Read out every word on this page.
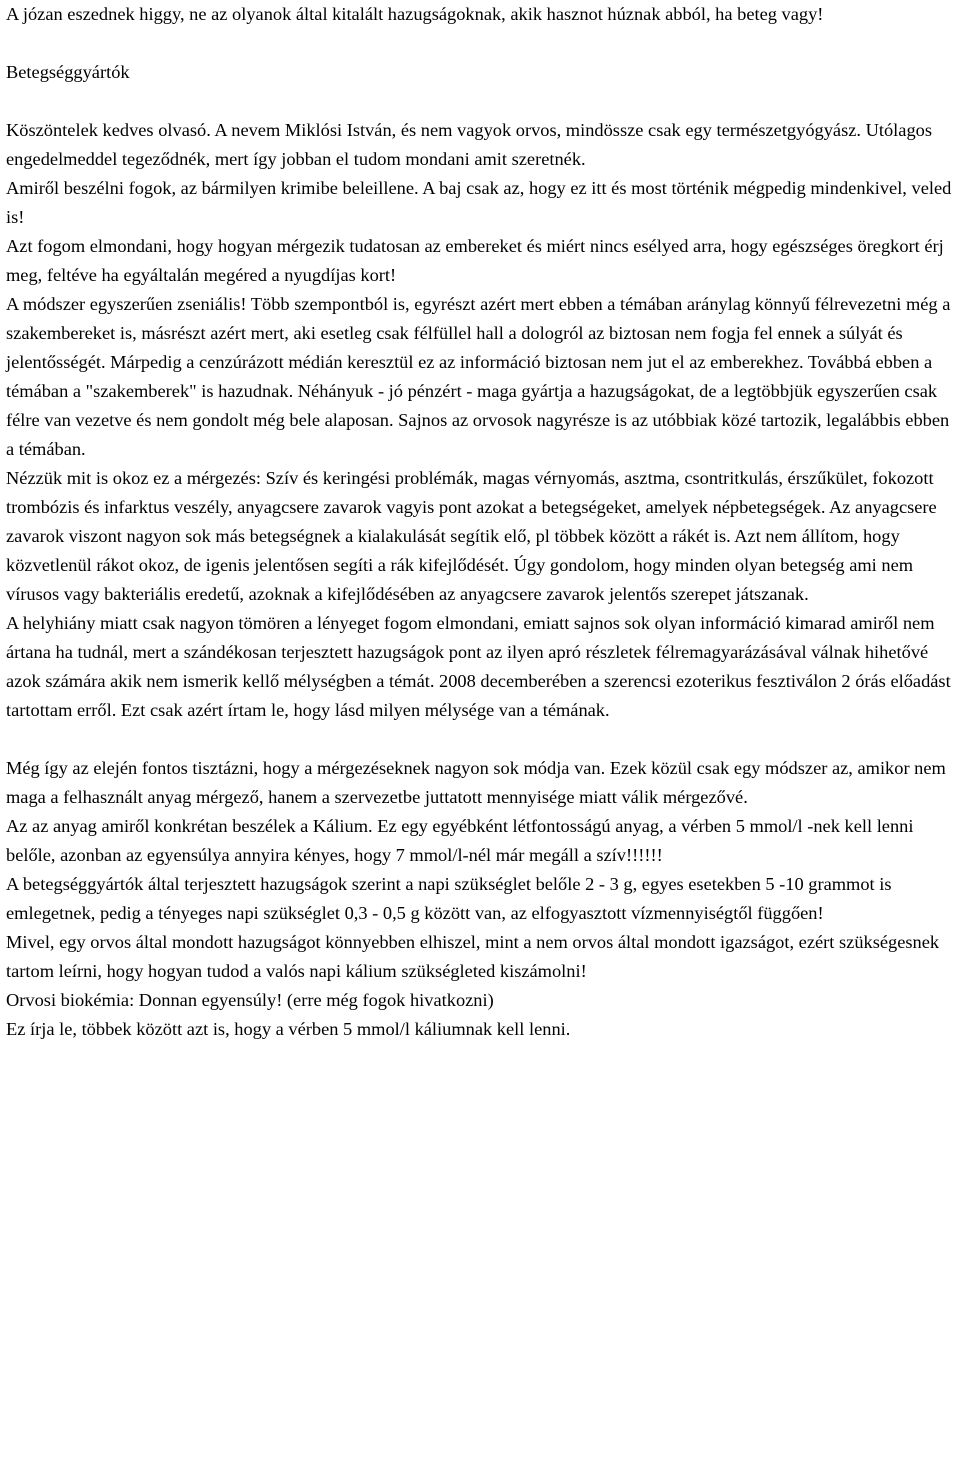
A józan eszednek higgy, ne az olyanok által kitalált hazugságoknak, akik hasznot húznak abból, ha beteg vagy!

Betegséggyártók

Köszöntelek kedves olvasó. A nevem Miklósi István, és nem vagyok orvos, mindössze csak egy természetgyógyász. Utólagos engedelmeddel tegeződnék, mert így jobban el tudom mondani amit szeretnék.

Amiről beszélni fogok, az bármilyen krimibe beleillene. A baj csak az, hogy ez itt és most történik mégpedig mindenkivel, veled is!

Azt fogom elmondani, hogy hogyan mérgezik tudatosan az embereket és miért nincs esélyed arra, hogy egészséges öregkort érj meg, feltéve ha egyáltalán megéred a nyugdíjas kort!

A módszer egyszerűen zseniális! Több szempontból is, egyrészt azért mert ebben a témában aránylag könnyű félrevezetni még a szakembereket is, másrészt azért mert, aki esetleg csak félfüllel hall a dologról az biztosan nem fogja fel ennek a súlyát és jelentősségét. Márpedig a cenzúrázott médián keresztül ez az információ biztosan nem jut el az emberekhez. Továbbá ebben a témában a "szakemberek" is hazudnak. Néhányuk - jó pénzért - maga gyártja a hazugságokat, de a legtöbbjük egyszerűen csak félre van vezetve és nem gondolt még bele alaposan. Sajnos az orvosok nagyrésze is az utóbbiak közé tartozik, legalábbis ebben a témában.

Nézzük mit is okoz ez a mérgezés: Szív és keringési problémák, magas vérnyomás, asztma, csontritkulás, érszűkület, fokozott trombózis és infarktus veszély, anyagcsere zavarok vagyis pont azokat a betegségeket, amelyek népbetegségek. Az anyagcsere zavarok viszont nagyon sok más betegségnek a kialakulását segítik elő, pl többek között a rákét is. Azt nem állítom, hogy közvetlenül rákot okoz, de igenis jelentősen segíti a rák kifejlődését. Úgy gondolom, hogy minden olyan betegség ami nem vírusos vagy bakteriális eredetű, azoknak a kifejlődésében az anyagcsere zavarok jelentős szerepet játszanak.

A helyhiány miatt csak nagyon tömören a lényeget fogom elmondani, emiatt sajnos sok olyan információ kimarad amiről nem ártana ha tudnál, mert a szándékosan terjesztett hazugságok pont az ilyen apró részletek félremagyarázásával válnak hihetővé azok számára akik nem ismerik kellő mélységben a témát. 2008 decemberében a szerencsi ezoterikus fesztiválon 2 órás előadást tartottam erről. Ezt csak azért írtam le, hogy lásd milyen mélysége van a témának.

Még így az elején fontos tisztázni, hogy a mérgezéseknek nagyon sok módja van. Ezek közül csak egy módszer az, amikor nem maga a felhasznált anyag mérgező, hanem a szervezetbe juttatott mennyisége miatt válik mérgezővé.

Az az anyag amiről konkrétan beszélek a Kálium. Ez egy egyébként létfontosságú anyag, a vérben 5 mmol/l -nek kell lenni belőle, azonban az egyensúlya annyira kényes, hogy 7 mmol/l-nél már megáll a szív!!!!!!

A betegséggyártók által terjesztett hazugságok szerint a napi szükséglet belőle 2 - 3 g, egyes esetekben 5 -10 grammot is emlegetnek, pedig a tényeges napi szükséglet 0,3 - 0,5 g között van, az elfogyasztott vízmennyiségtől függően!

Mivel, egy orvos által mondott hazugságot könnyebben elhiszel, mint a nem orvos által mondott igazságot, ezért szükségesnek tartom leírni, hogy hogyan tudod a valós napi kálium szükségleted kiszámolni!

Orvosi biokémia: Donnan egyensúly! (erre még fogok hivatkozni)

Ez írja le, többek között azt is, hogy a vérben 5 mmol/l káliumnak kell lenni.
